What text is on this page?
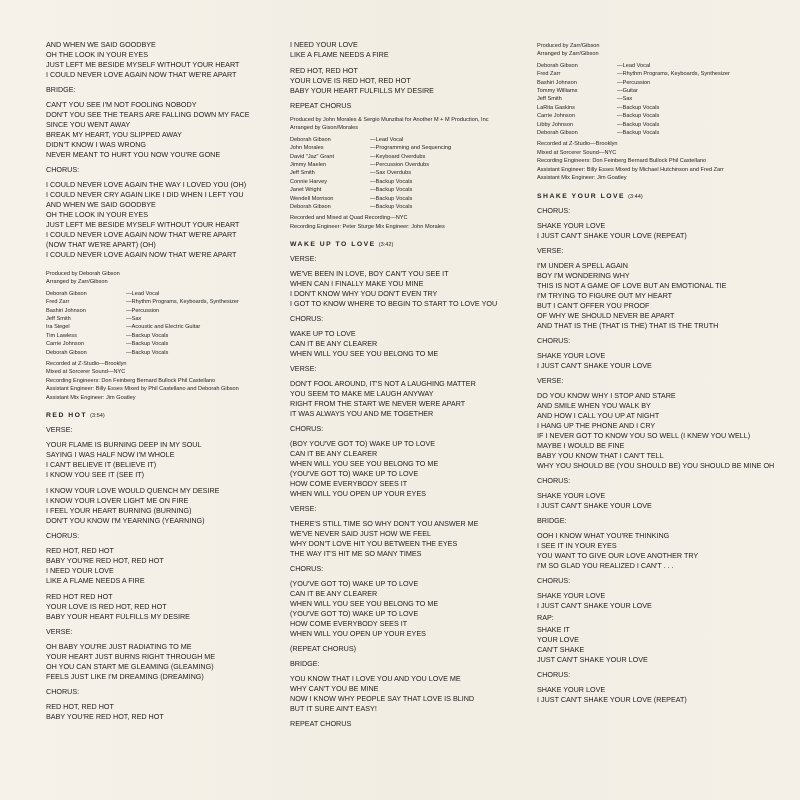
AND WHEN WE SAID GOODBYE
OH THE LOOK IN YOUR EYES
JUST LEFT ME BESIDE MYSELF WITHOUT YOUR HEART
I COULD NEVER LOVE AGAIN NOW THAT WE'RE APART
BRIDGE:
CAN'T YOU SEE I'M NOT FOOLING NOBODY
DON'T YOU SEE THE TEARS ARE FALLING DOWN MY FACE
SINCE YOU WENT AWAY
BREAK MY HEART, YOU SLIPPED AWAY
DIDN'T KNOW I WAS WRONG
NEVER MEANT TO HURT YOU NOW YOU'RE GONE
CHORUS:
I COULD NEVER LOVE AGAIN THE WAY I LOVED YOU (OH)
I COULD NEVER CRY AGAIN LIKE I DID WHEN I LEFT YOU
AND WHEN WE SAID GOODBYE
OH THE LOOK IN YOUR EYES
JUST LEFT ME BESIDE MYSELF WITHOUT YOUR HEART
I COULD NEVER LOVE AGAIN NOW THAT WE'RE APART
(NOW THAT WE'RE APART) (OH)
I COULD NEVER LOVE AGAIN NOW THAT WE'RE APART
Produced by Deborah Gibson
Arranged by Zarr/Gibson
Deborah Gibson	—Lead Vocal
Fred Zarr	—Rhythm Programs, Keyboards, Synthesizer
Bashiri Johnson	—Percussion
Jeff Smith	—Sax
Ira Siegel	—Acoustic and Electric Guitar
Tim Lawless	—Backup Vocals
Carrie Johnson	—Backup Vocals
Deborah Gibson	—Backup Vocals
Recorded at Z-Studio—Brooklyn
Mixed at Sorcerer Sound—NYC
Recording Engineers: Don Feinberg Bernard Bullock Phil Castellano
Assistant Engineer: Billy Esses Mixed by Phil Castellano and Deborah Gibson
Assistant Mix Engineer: Jim Goatley
RED HOT (3:54)
VERSE:
YOUR FLAME IS BURNING DEEP IN MY SOUL
SAYING I WAS HALF NOW I'M WHOLE
I CAN'T BELIEVE IT (BELIEVE IT)
I KNOW YOU SEE IT (SEE IT)
I KNOW YOUR LOVE WOULD QUENCH MY DESIRE
I KNOW YOUR LOVER LIGHT ME ON FIRE
I FEEL YOUR HEART BURNING (BURNING)
DON'T YOU KNOW I'M YEARNING (YEARNING)
CHORUS:
RED HOT, RED HOT
BABY YOU'RE RED HOT, RED HOT
I NEED YOUR LOVE
LIKE A FLAME NEEDS A FIRE
RED HOT RED HOT
YOUR LOVE IS RED HOT, RED HOT
BABY YOUR HEART FULFILLS MY DESIRE
VERSE:
OH BABY YOU'RE JUST RADIATING TO ME
YOUR HEART JUST BURNS RIGHT THROUGH ME
OH YOU CAN START ME GLEAMING (GLEAMING)
FEELS JUST LIKE I'M DREAMING (DREAMING)
CHORUS:
RED HOT, RED HOT
BABY YOU'RE RED HOT, RED HOT
I NEED YOUR LOVE
LIKE A FLAME NEEDS A FIRE
RED HOT, RED HOT
YOUR LOVE IS RED HOT, RED HOT
BABY YOUR HEART FULFILLS MY DESIRE
REPEAT CHORUS
Produced by John Morales & Sergio Munzibai for Another M + M Production, Inc
Arranged by Gison/Morales
Deborah Gibson	—Lead Vocal
John Morales	—Programming and Sequencing
David "Jaz" Grant	—Keyboard Overdubs
Jimmy Maelen	—Percussion Overdubs
Jeff Smith	—Sax Overdubs
Connie Harvey	—Backup Vocals
Janet Wright	—Backup Vocals
Wendell Morrison	—Backup Vocals
Deborah Gibson	—Backup Vocals
Recorded and Mixed at Quad Recording—NYC
Recording Engineer: Peter Sturge Mix Engineer: John Morales
WAKE UP TO LOVE (3:42)
VERSE:
WE'VE BEEN IN LOVE, BOY CAN'T YOU SEE IT
WHEN CAN I FINALLY MAKE YOU MINE
I DON'T KNOW WHY YOU DON'T EVEN TRY
I GOT TO KNOW WHERE TO BEGIN TO START TO LOVE YOU
CHORUS:
WAKE UP TO LOVE
CAN IT BE ANY CLEARER
WHEN WILL YOU SEE YOU BELONG TO ME
VERSE:
DON'T FOOL AROUND, IT'S NOT A LAUGHING MATTER
YOU SEEM TO MAKE ME LAUGH ANYWAY
RIGHT FROM THE START WE NEVER WERE APART
IT WAS ALWAYS YOU AND ME TOGETHER
CHORUS:
(BOY YOU'VE GOT TO) WAKE UP TO LOVE
CAN IT BE ANY CLEARER
WHEN WILL YOU SEE YOU BELONG TO ME
(YOU'VE GOT TO) WAKE UP TO LOVE
HOW COME EVERYBODY SEES IT
WHEN WILL YOU OPEN UP YOUR EYES
VERSE:
THERE'S STILL TIME SO WHY DON'T YOU ANSWER ME
WE'VE NEVER SAID JUST HOW WE FEEL
WHY DON'T LOVE HIT YOU BETWEEN THE EYES
THE WAY IT'S HIT ME SO MANY TIMES
CHORUS:
(YOU'VE GOT TO) WAKE UP TO LOVE
CAN IT BE ANY CLEARER
WHEN WILL YOU SEE YOU BELONG TO ME
(YOU'VE GOT TO) WAKE UP TO LOVE
HOW COME EVERYBODY SEES IT
WHEN WILL YOU OPEN UP YOUR EYES
(REPEAT CHORUS)
BRIDGE:
YOU KNOW THAT I LOVE YOU AND YOU LOVE ME
WHY CAN'T YOU BE MINE
NOW I KNOW WHY PEOPLE SAY THAT LOVE IS BLIND
BUT IT SURE AIN'T EASY!
REPEAT CHORUS
Produced by Zarr/Gibson
Arranged by Zarr/Gibson
Deborah Gibson	—Lead Vocal
Fred Zarr	—Rhythm Programs, Keyboards, Synthesizer
Bashiri Johnson	—Percussion
Tommy Williams	—Guitar
Jeff Smith	—Sax
LaRita Gaskins	—Backup Vocals
Carrie Johnson	—Backup Vocals
Libby Johnson	—Backup Vocals
Deborah Gibson	—Backup Vocals
Recorded at Z-Studio—Brooklyn
Mixed at Sorcerer Sound—NYC
Recording Engineers: Don Feinberg Bernard Bullock Phil Castellano
Assistant Engineer: Billy Esses Mixed by Michael Hutchinson and Fred Zarr
Assistant Mix Engineer: Jim Goatley
SHAKE YOUR LOVE (3:44)
CHORUS:
SHAKE YOUR LOVE
I JUST CAN'T SHAKE YOUR LOVE (REPEAT)
VERSE:
I'M UNDER A SPELL AGAIN
BOY I'M WONDERING WHY
THIS IS NOT A GAME OF LOVE BUT AN EMOTIONAL TIE
I'M TRYING TO FIGURE OUT MY HEART
BUT I CAN'T OFFER YOU PROOF
OF WHY WE SHOULD NEVER BE APART
AND THAT IS THE (THAT IS THE) THAT IS THE TRUTH
CHORUS:
SHAKE YOUR LOVE
I JUST CAN'T SHAKE YOUR LOVE
VERSE:
DO YOU KNOW WHY I STOP AND STARE
AND SMILE WHEN YOU WALK BY
AND HOW I CALL YOU UP AT NIGHT
I HANG UP THE PHONE AND I CRY
IF I NEVER GOT TO KNOW YOU SO WELL (I KNEW YOU WELL)
MAYBE I WOULD BE FINE
BABY YOU KNOW THAT I CAN'T TELL
WHY YOU SHOULD BE (YOU SHOULD BE) YOU SHOULD BE MINE OH
CHORUS:
SHAKE YOUR LOVE
I JUST CAN'T SHAKE YOUR LOVE
BRIDGE:
OOH I KNOW WHAT YOU'RE THINKING
I SEE IT IN YOUR EYES
YOU WANT TO GIVE OUR LOVE ANOTHER TRY
I'M SO GLAD YOU REALIZED I CAN'T . . .
CHORUS:
SHAKE YOUR LOVE
I JUST CAN'T SHAKE YOUR LOVE
RAP:
SHAKE IT
YOUR LOVE
CAN'T SHAKE
JUST CAN'T SHAKE YOUR LOVE
CHORUS:
SHAKE YOUR LOVE
I JUST CAN'T SHAKE YOUR LOVE (REPEAT)
